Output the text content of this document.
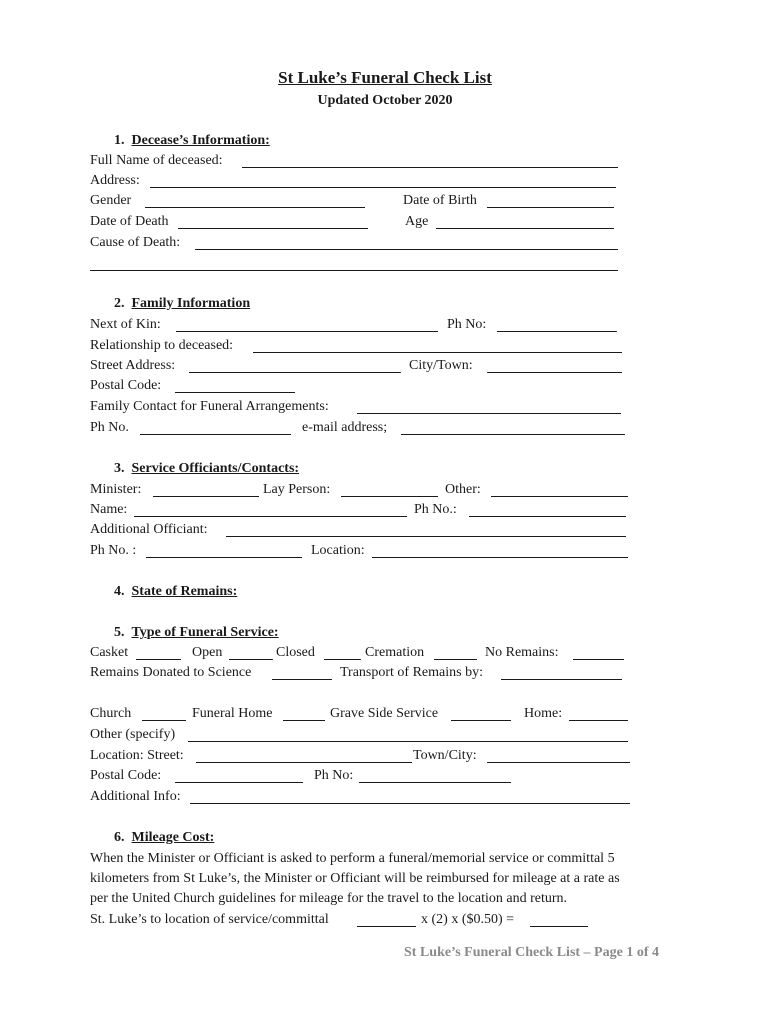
St Luke’s Funeral Check List
Updated October 2020
1. Decease’s Information:
Full Name of deceased:
Address:
Gender	Date of Birth
Date of Death	Age
Cause of Death:
2. Family Information
Next of Kin:	Ph No:
Relationship to deceased:
Street Address:	City/Town:
Postal Code:
Family Contact for Funeral Arrangements:
Ph No.	e-mail address;
3. Service Officiants/Contacts:
Minister:	Lay Person:	Other:
Name:	Ph No.:
Additional Officiant:
Ph No. :	Location:
4. State of Remains:
5. Type of Funeral Service:
Casket	Open	Closed	Cremation	No Remains:
Remains Donated to Science	Transport of Remains by:
Church	Funeral Home	Grave Side Service	Home:
Other (specify)
Location: Street:	Town/City:
Postal Code:	Ph No:
Additional Info:
6. Mileage Cost:
When the Minister or Officiant is asked to perform a funeral/memorial service or committal 5
kilometers from St Luke’s, the Minister or Officiant will be reimbursed for mileage at a rate as
per the United Church guidelines for mileage for the travel to the location and return.
St. Luke’s to location of service/committal	x (2) x ($0.50) =
St Luke’s Funeral Check List – Page 1 of 4
